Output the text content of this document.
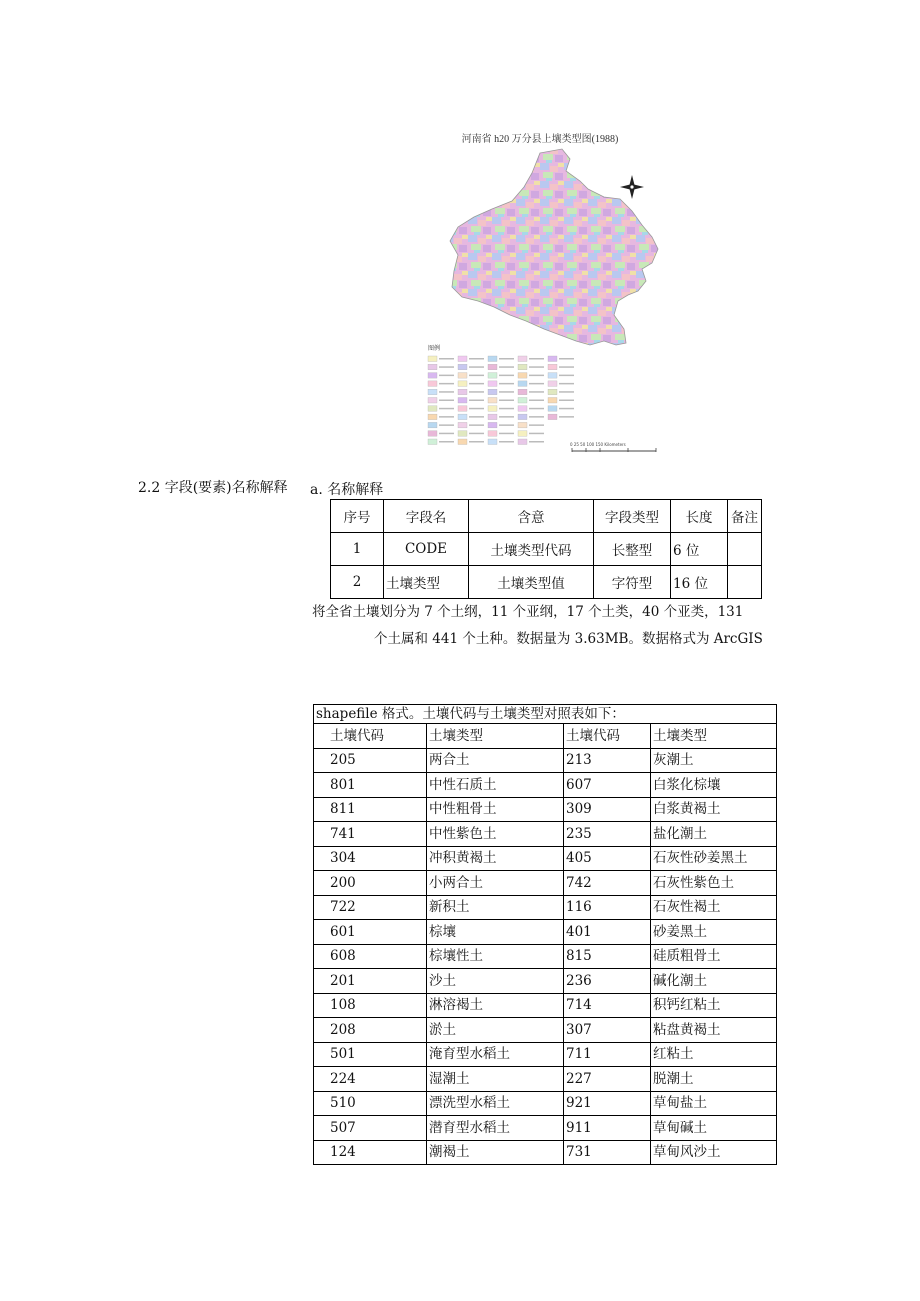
河南省 h20 万分县上壤类型图(1988)
图例
0 25 50 100 150 Kilometers
2.2 字段(要素)名称解释 a. 名称解释
序号	字段名	含意	字段类型	长度	备注
1	CODE	土壤类型代码	长整型	6 位	
2	土壤类型	土壤类型值	字符型	16 位	
将全省土壤划分为 7 个土纲，11 个亚纲，17 个土类，40 个亚类，131
个土属和 441 个土种。数据量为 3.63MB。数据格式为 ArcGIS
shapefile 格式。土壤代码与土壤类型对照表如下：			
土壤代码	土壤类型	土壤代码	土壤类型
205	两合土	213	灰潮土
801	中性石质土	607	白浆化棕壤
811	中性粗骨土	309	白浆黄褐土
741	中性紫色土	235	盐化潮土
304	冲积黄褐土	405	石灰性砂姜黑土
200	小两合土	742	石灰性紫色土
722	新积土	116	石灰性褐土
601	棕壤	401	砂姜黑土
608	棕壤性土	815	硅质粗骨土
201	沙土	236	碱化潮土
108	淋溶褐土	714	积钙红粘土
208	淤土	307	粘盘黄褐土
501	淹育型水稻土	711	红粘土
224	湿潮土	227	脱潮土
510	漂洗型水稻土	921	草甸盐土
507	潜育型水稻土	911	草甸碱土
124	潮褐土	731	草甸风沙土
